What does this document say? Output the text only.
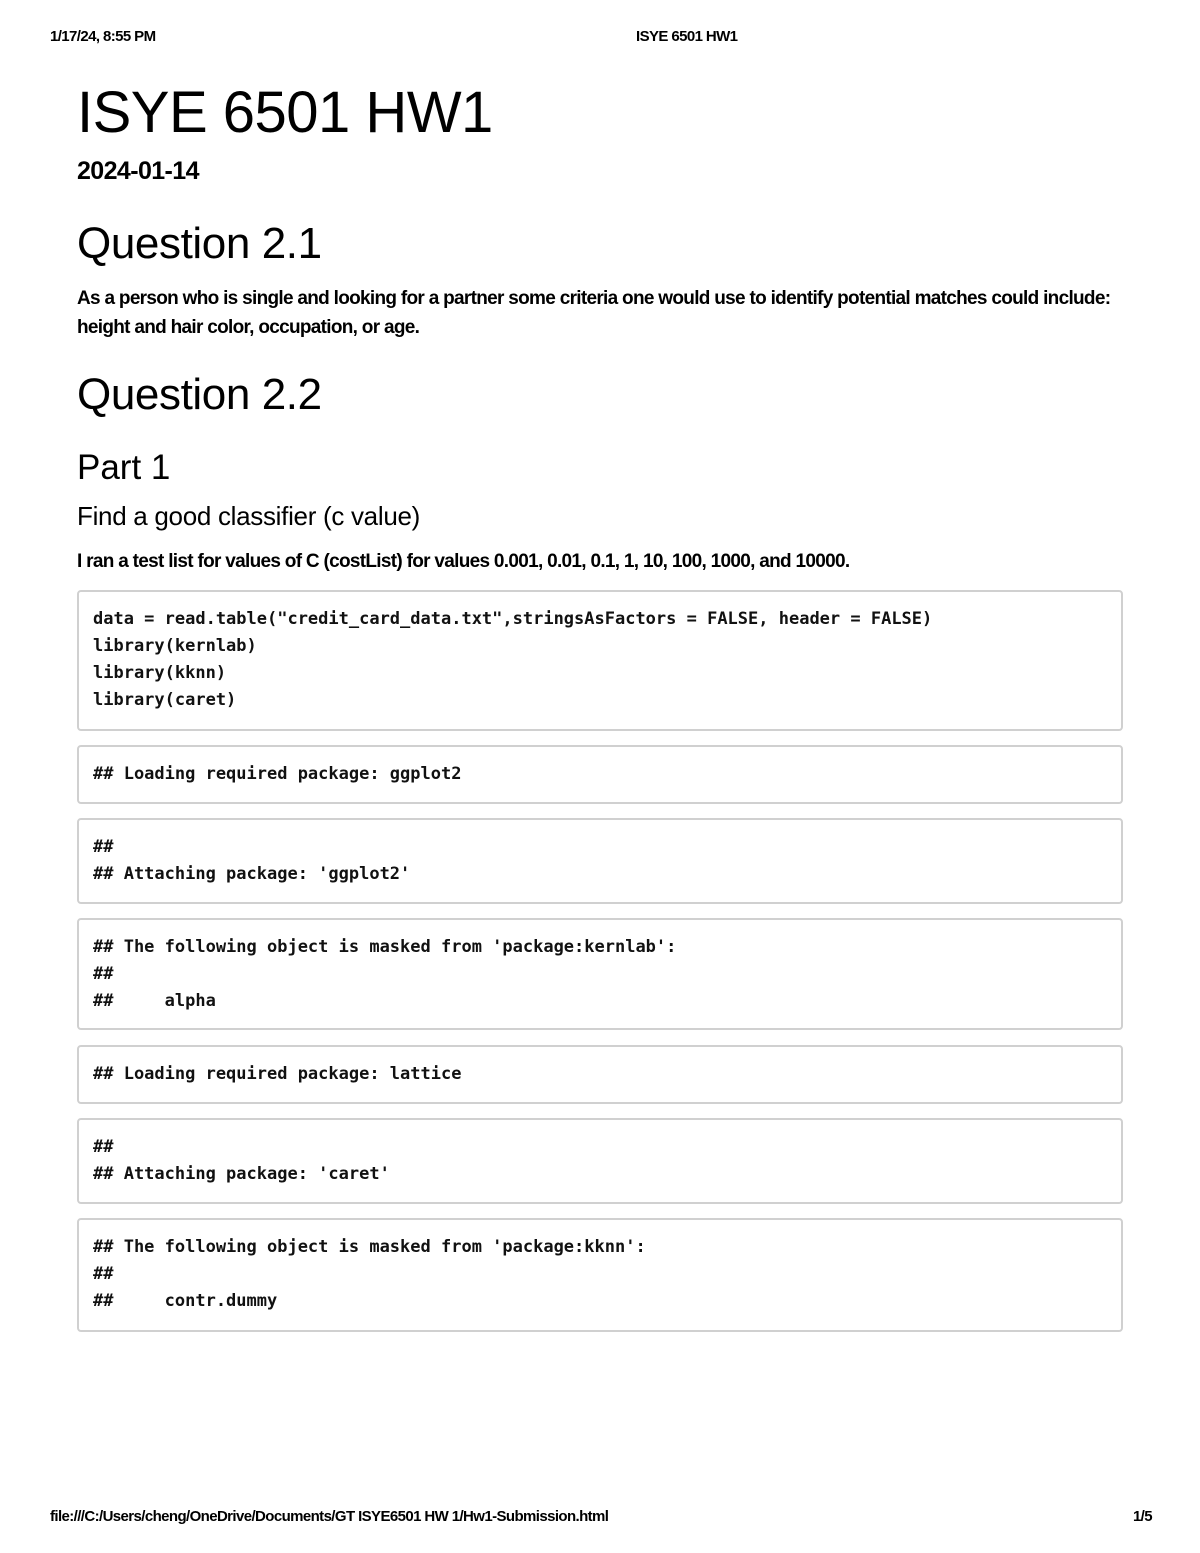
1/17/24, 8:55 PM	ISYE 6501 HW1
ISYE 6501 HW1
2024-01-14
Question 2.1

As a person who is single and looking for a partner some criteria one would use to identify potential matches could include: height and hair color, occupation, or age.

Question 2.2
Part 1
Find a good classifier (c value)

I ran a test list for values of C (costList) for values 0.001, 0.01, 0.1, 1, 10, 100, 1000, and 10000.

data = read.table("credit_card_data.txt",stringsAsFactors = FALSE, header = FALSE)
library(kernlab)
library(kknn)
library(caret)
## Loading required package: ggplot2
##
## Attaching package: 'ggplot2'
## The following object is masked from 'package:kernlab':
##
##     alpha
## Loading required package: lattice
##
## Attaching package: 'caret'
## The following object is masked from 'package:kknn':
##
##     contr.dummy
file:///C:/Users/cheng/OneDrive/Documents/GT ISYE6501 HW 1/Hw1-Submission.html	1/5
